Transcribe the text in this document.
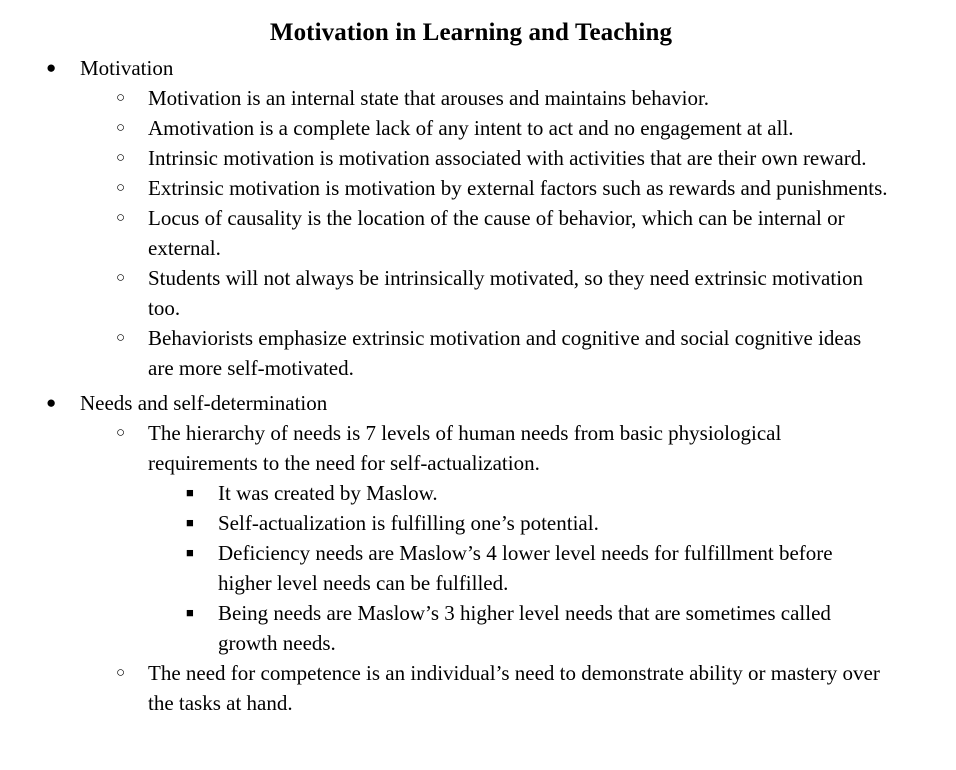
Motivation in Learning and Teaching
● Motivation
○	Motivation is an internal state that arouses and maintains behavior.
○	Amotivation is a complete lack of any intent to act and no engagement at all.
○	Intrinsic motivation is motivation associated with activities that are their own reward.
○	Extrinsic motivation is motivation by external factors such as rewards and punishments.
○	Locus of causality is the location of the cause of behavior, which can be internal or external.
○	Students will not always be intrinsically motivated, so they need extrinsic motivation too.
○	Behaviorists emphasize extrinsic motivation and cognitive and social cognitive ideas are more self-motivated.
● Needs and self-determination
○	The hierarchy of needs is 7 levels of human needs from basic physiological requirements to the need for self-actualization.
■	It was created by Maslow.
■	Self-actualization is fulfilling one’s potential.
■	Deficiency needs are Maslow’s 4 lower level needs for fulfillment before higher level needs can be fulfilled.
■	Being needs are Maslow’s 3 higher level needs that are sometimes called growth needs.
○	The need for competence is an individual’s need to demonstrate ability or mastery over the tasks at hand.
